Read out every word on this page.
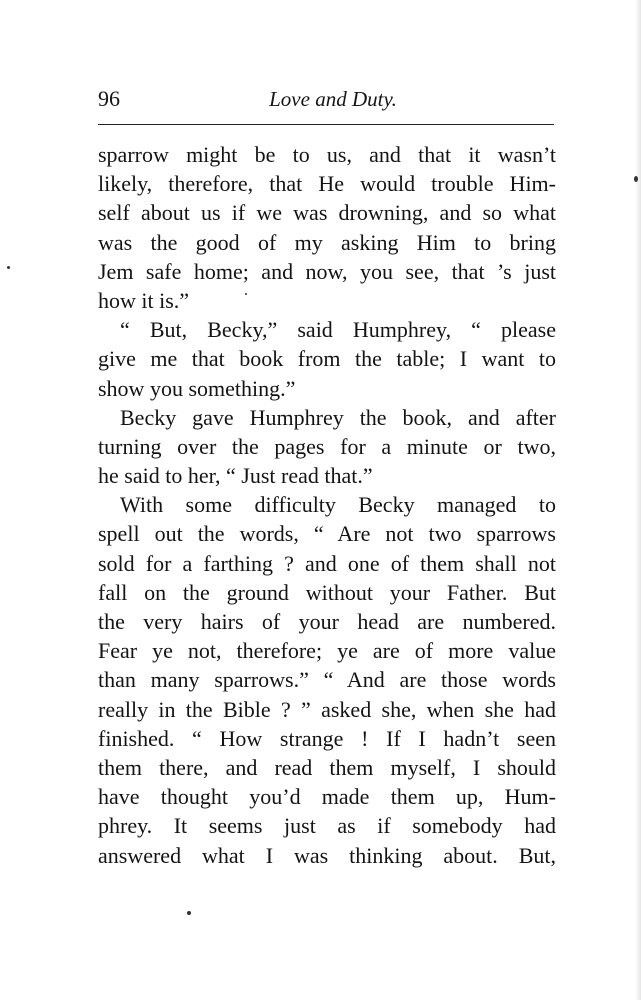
96	Love and Duty.
sparrow might be to us, and that it wasn’t
likely, therefore, that He would trouble Him-
self about us if we was drowning, and so what
was the good of my asking Him to bring
Jem safe home; and now, you see, that ’s just
how it is.”
“ But, Becky,” said Humphrey, “ please
give me that book from the table; I want to
show you something.”
Becky gave Humphrey the book, and after
turning over the pages for a minute or two,
he said to her, “ Just read that.”
With some difficulty Becky managed to
spell out the words, “ Are not two sparrows
sold for a farthing ? and one of them shall not
fall on the ground without your Father. But
the very hairs of your head are numbered.
Fear ye not, therefore; ye are of more value
than many sparrows.” “ And are those words
really in the Bible ? ” asked she, when she had
finished. “ How strange ! If I hadn’t seen
them there, and read them myself, I should
have thought you’d made them up, Hum-
phrey. It seems just as if somebody had
answered what I was thinking about. But,
